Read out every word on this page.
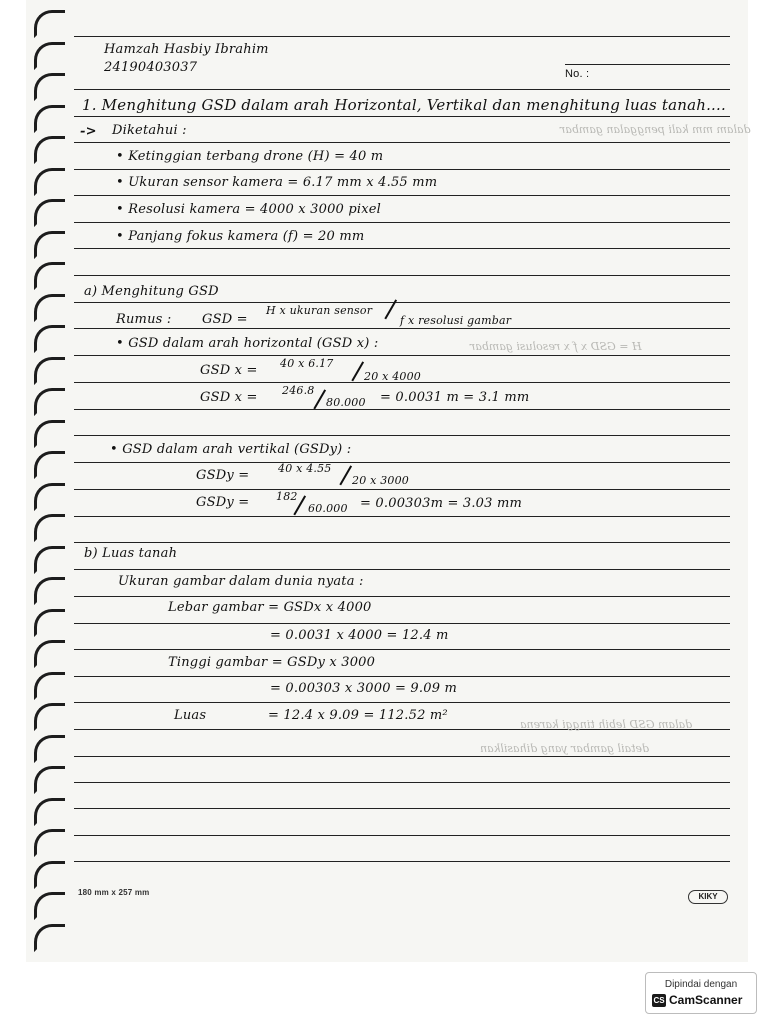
dalam mm kali penggalan gambar
H = GSD x f x resolusi gambar
dalam GSD lebih tinggi karena
detail gambar yang dihasilkan
Hamzah Hasbiy Ibrahim
24190403037	No. :
1. Menghitung GSD dalam arah Horizontal, Vertikal dan menghitung luas tanah....
-> Diketahui :
• Ketinggian terbang drone (H) = 40 m
• Ukuran sensor kamera = 6.17 mm x 4.55 mm
• Resolusi kamera = 4000 x 3000 pixel
• Panjang fokus kamera (f) = 20 mm
a) Menghitung GSD
Rumus : GSD =
H x ukuran sensor
f x resolusi gambar
• GSD dalam arah horizontal (GSD x) :
GSD x = 40 x 6.17
20 x 4000
GSD x = 246.8
80.000 = 0.0031 m = 3.1 mm
• GSD dalam arah vertikal (GSDy) :
GSDy =	40 x 4.55
20 x 3000
GSDy = 182
60.000 = 0.00303m = 3.03 mm
b) Luas tanah
Ukuran gambar dalam dunia nyata :
Lebar gambar = GSDx x 4000
= 0.0031 x 4000 = 12.4 m
Tinggi gambar = GSDy x 3000
= 0.00303 x 3000 = 9.09 m
Luas	= 12.4 x 9.09 = 112.52 m²
180 mm x 257 mm	KIKY
Dipindai dengan
CS CamScanner
